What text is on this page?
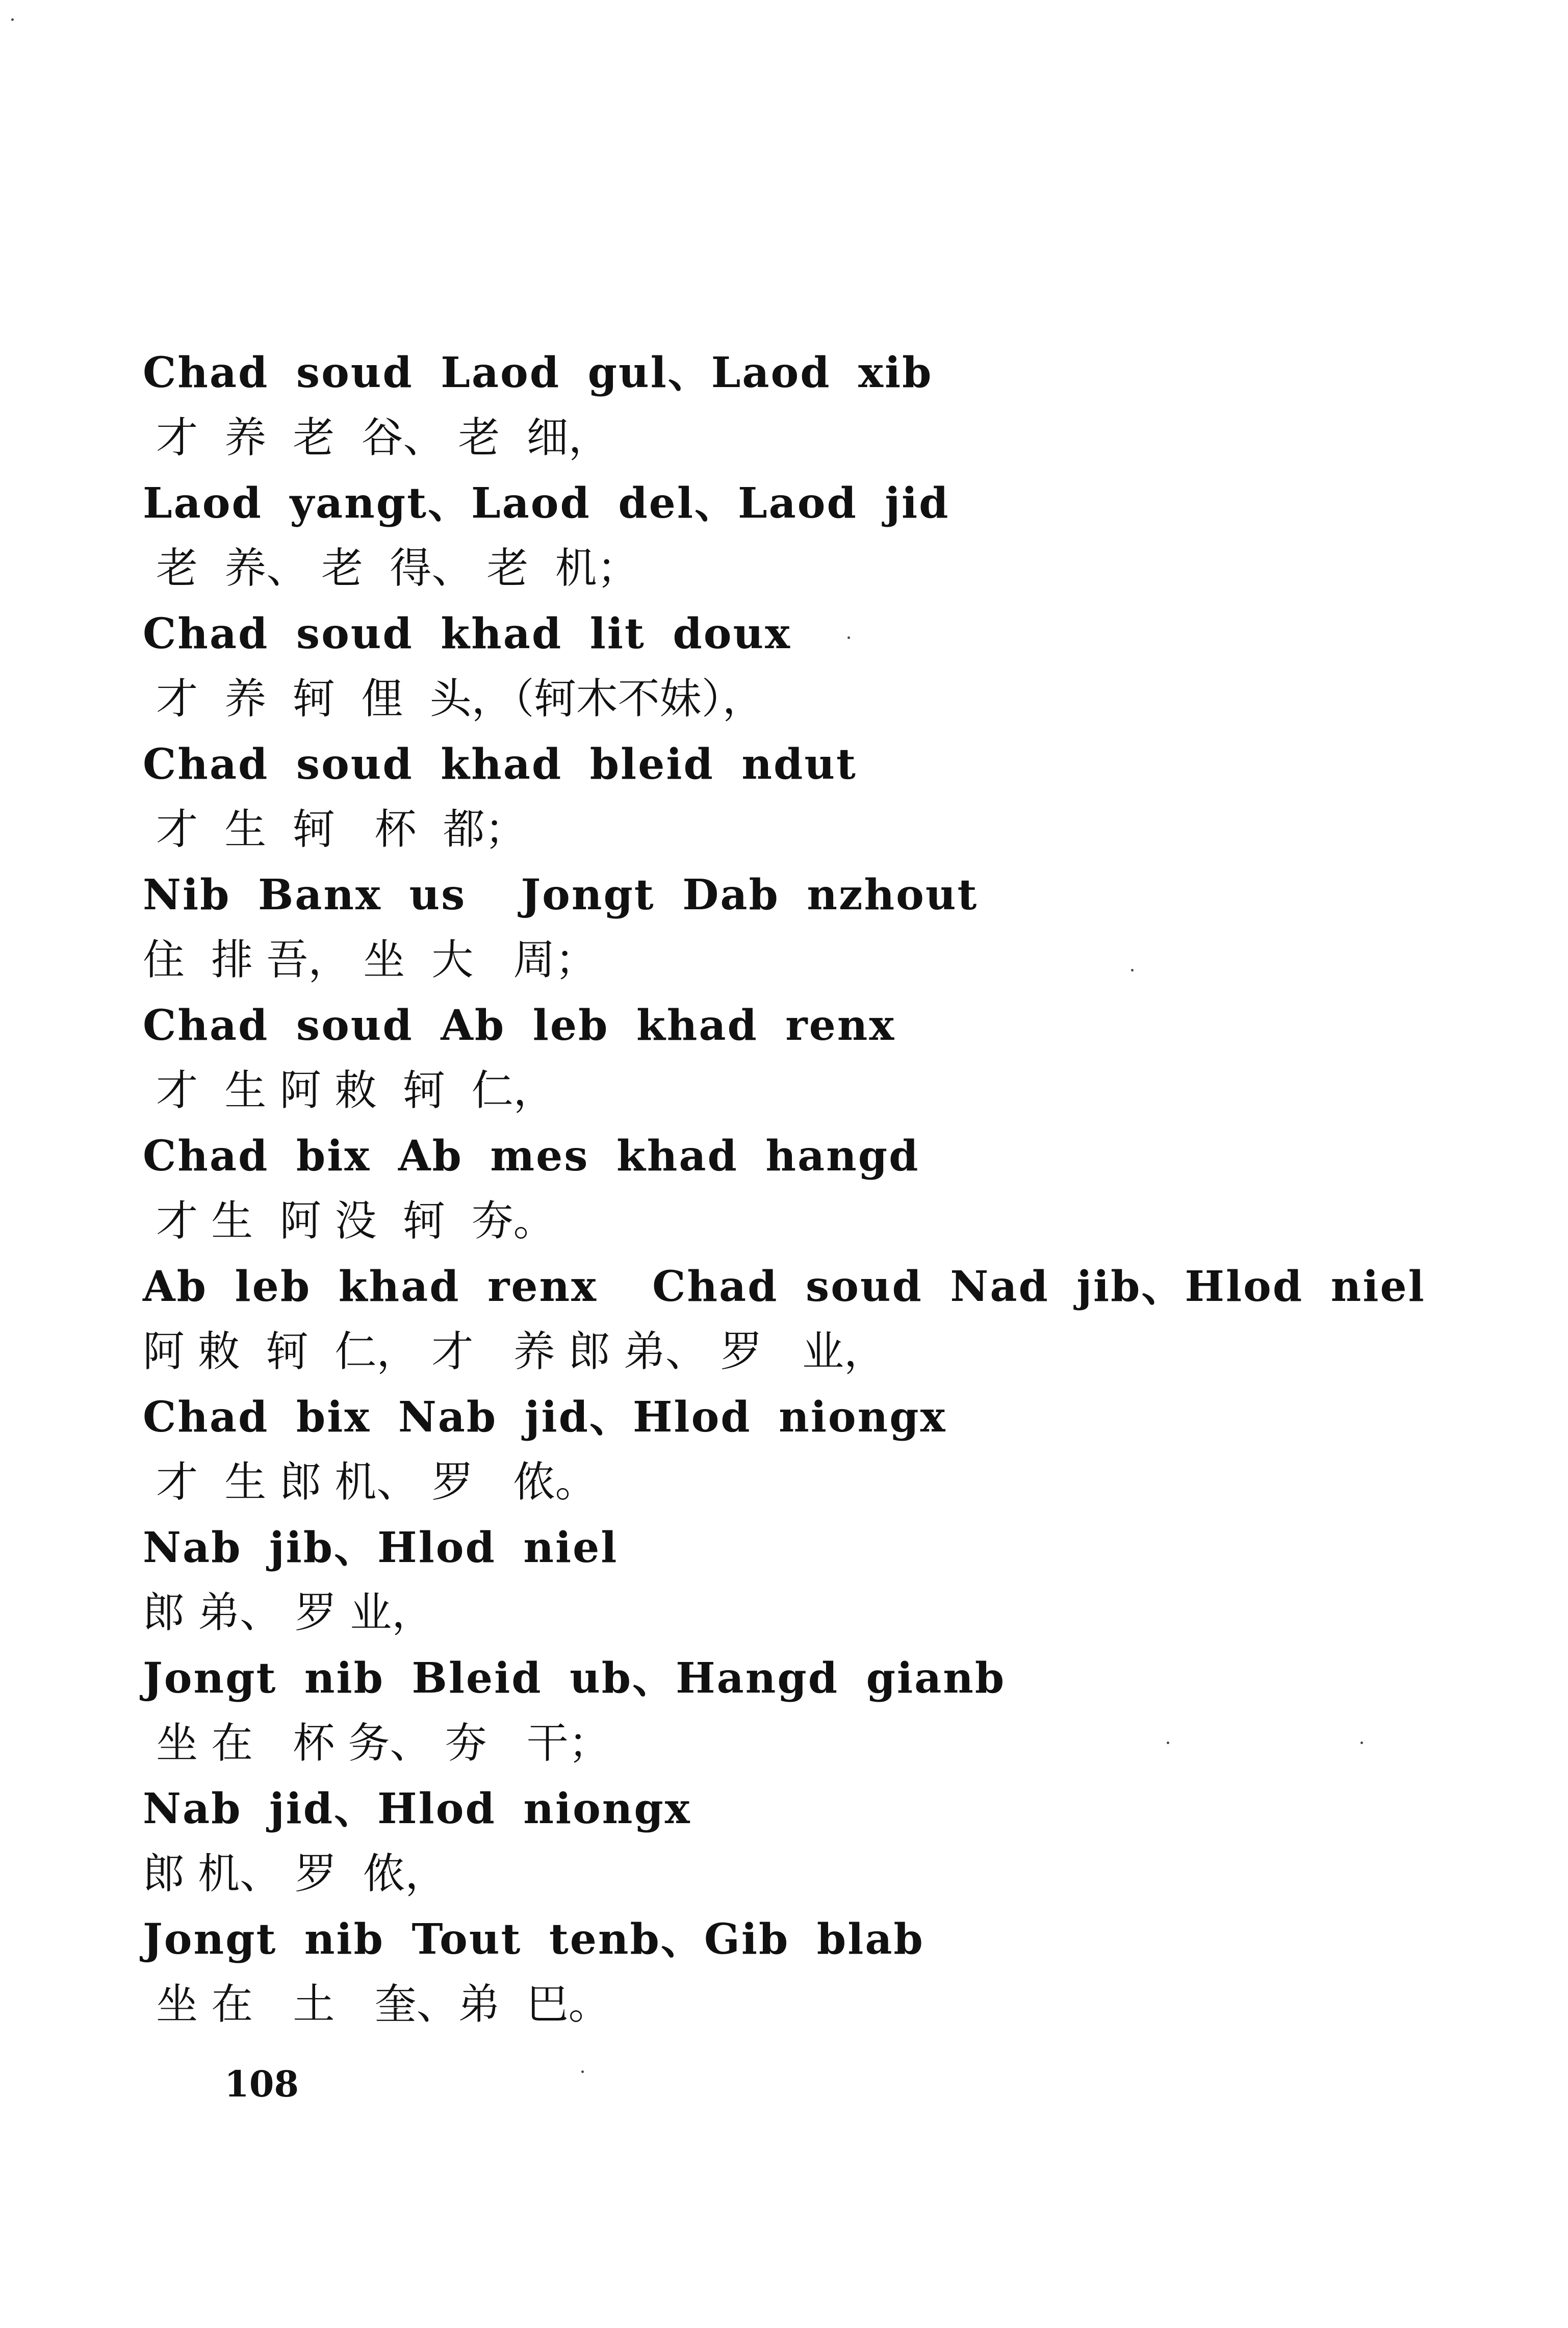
Chad soud Laod gul、Laod xib
才  养  老  谷、 老  细，
Laod yangt、Laod del、Laod jid
老  养、 老  得、 老  机；
Chad soud khad lit doux
才  养  轲  俚  头，（轲木不妹），
Chad soud khad bleid ndut
才  生  轲   杯  都；
Nib Banx us  Jongt Dab nzhout
住  排 吾， 坐  大   周；
Chad soud Ab leb khad renx
才  生 阿 敕  轲  仁，
Chad bix Ab mes khad hangd
才 生  阿 没  轲  夯。
Ab leb khad renx  Chad soud Nad jib、Hlod niel
阿 敕  轲  仁， 才   养 郎 弟、 罗   业，
Chad bix Nab jid、Hlod niongx
才  生 郎 机、 罗   侬。
Nab jib、Hlod niel
郎 弟、 罗 业，
Jongt nib Bleid ub、Hangd gianb
坐 在   杯 务、 夯   干；
Nab jid、Hlod niongx
郎 机、 罗  侬，
Jongt nib Tout tenb、Gib blab
坐 在   土   奎、弟  巴。
108
